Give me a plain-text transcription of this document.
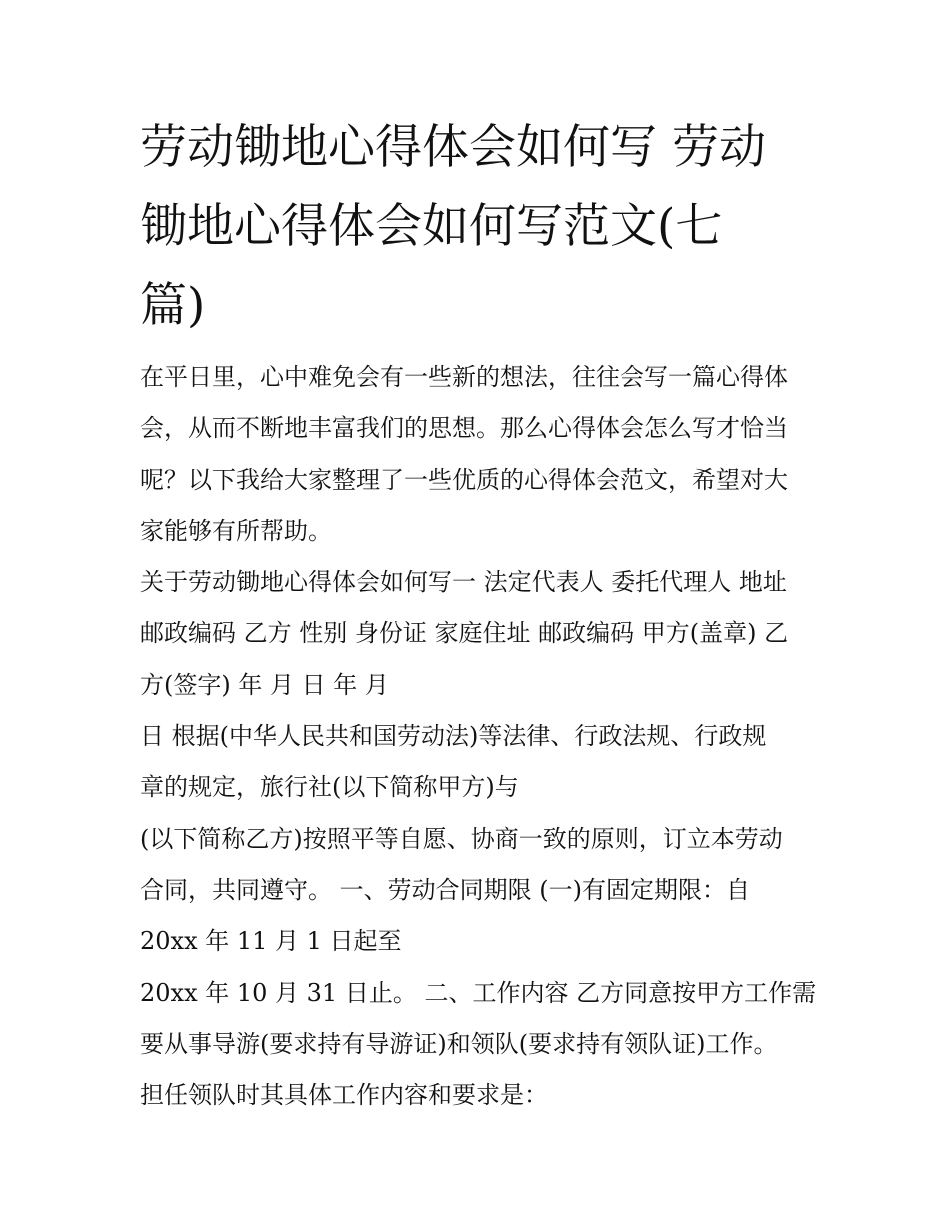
劳动锄地心得体会如何写 劳动
锄地心得体会如何写范文(七
篇)
在平日里，心中难免会有一些新的想法，往往会写一篇心得体
会，从而不断地丰富我们的思想。那么心得体会怎么写才恰当
呢？以下我给大家整理了一些优质的心得体会范文，希望对大
家能够有所帮助。
关于劳动锄地心得体会如何写一 法定代表人 委托代理人 地址
邮政编码 乙方 性别 身份证 家庭住址 邮政编码 甲方(盖章) 乙
方(签字) 年 月 日 年 月
日 根据(中华人民共和国劳动法)等法律、行政法规、行政规
章的规定，旅行社(以下简称甲方)与
(以下简称乙方)按照平等自愿、协商一致的原则，订立本劳动
合同，共同遵守。 一、劳动合同期限 (一)有固定期限：自
20xx 年 11 月 1 日起至
20xx 年 10 月 31 日止。 二、工作内容 乙方同意按甲方工作需
要从事导游(要求持有导游证)和领队(要求持有领队证)工作。
担任领队时其具体工作内容和要求是：
